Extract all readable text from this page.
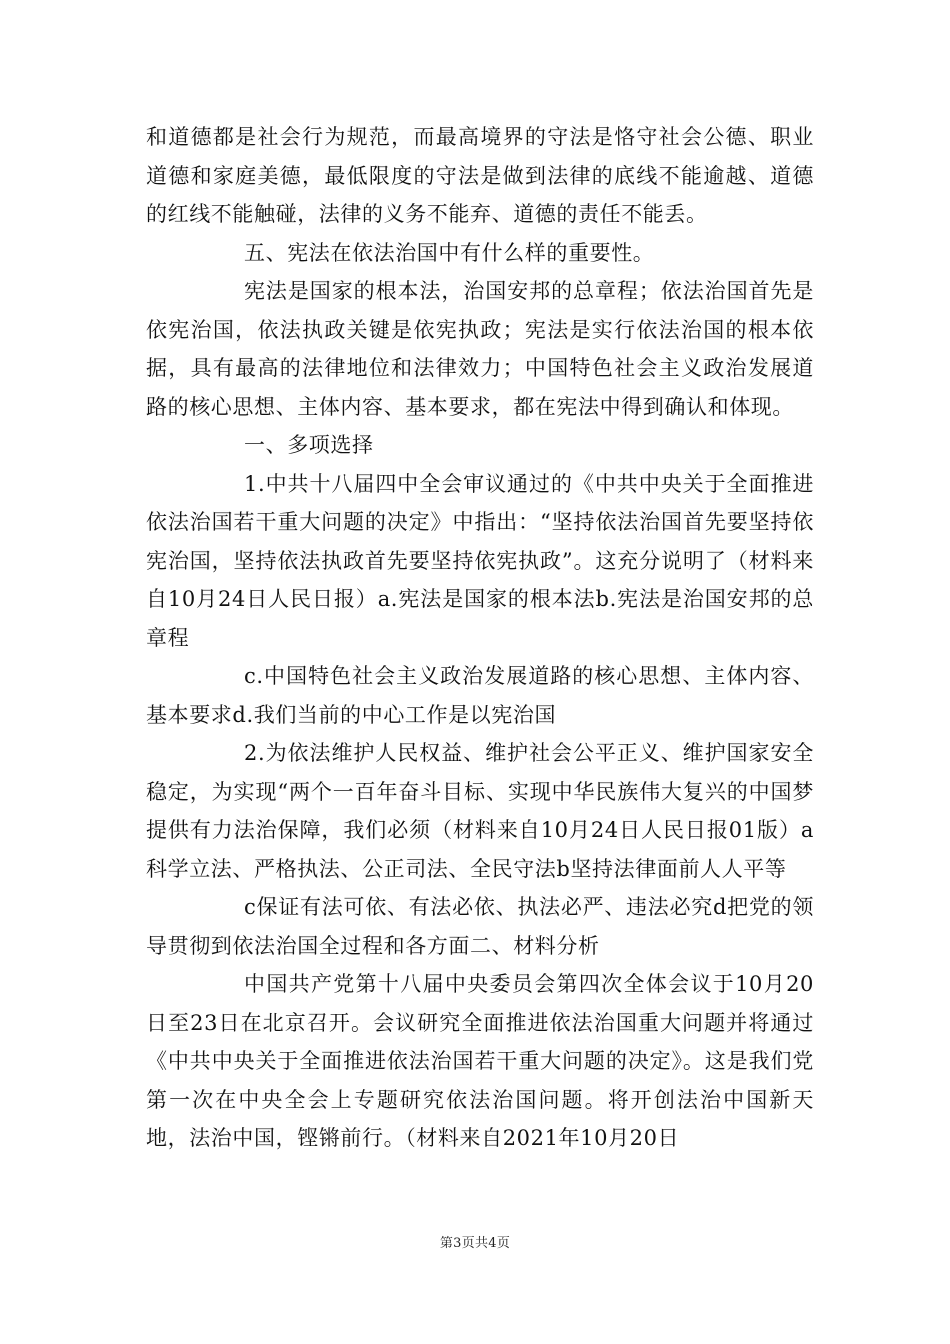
和道德都是社会行为规范，而最高境界的守法是恪守社会公德、职业道德和家庭美德，最低限度的守法是做到法律的底线不能逾越、道德的红线不能触碰，法律的义务不能弃、道德的责任不能丢。

五、宪法在依法治国中有什么样的重要性。

宪法是国家的根本法，治国安邦的总章程；依法治国首先是依宪治国，依法执政关键是依宪执政；宪法是实行依法治国的根本依据，具有最高的法律地位和法律效力；中国特色社会主义政治发展道路的核心思想、主体内容、基本要求，都在宪法中得到确认和体现。

一、多项选择

1.中共十八届四中全会审议通过的《中共中央关于全面推进依法治国若干重大问题的决定》中指出：“坚持依法治国首先要坚持依宪治国，坚持依法执政首先要坚持依宪执政”。这充分说明了（材料来自10月24日人民日报）a.宪法是国家的根本法b.宪法是治国安邦的总章程

c.中国特色社会主义政治发展道路的核心思想、主体内容、基本要求d.我们当前的中心工作是以宪治国

2.为依法维护人民权益、维护社会公平正义、维护国家安全稳定，为实现“两个一百年奋斗目标、实现中华民族伟大复兴的中国梦提供有力法治保障，我们必须（材料来自10月24日人民日报01版）a科学立法、严格执法、公正司法、全民守法b坚持法律面前人人平等

c保证有法可依、有法必依、执法必严、违法必究d把党的领导贯彻到依法治国全过程和各方面二、材料分析

中国共产党第十八届中央委员会第四次全体会议于10月20日至23日在北京召开。会议研究全面推进依法治国重大问题并将通过《中共中央关于全面推进依法治国若干重大问题的决定》。这是我们党第一次在中央全会上专题研究依法治国问题。将开创法治中国新天地，法治中国，铿锵前行。（材料来自2021年10月20日

第3页共4页
